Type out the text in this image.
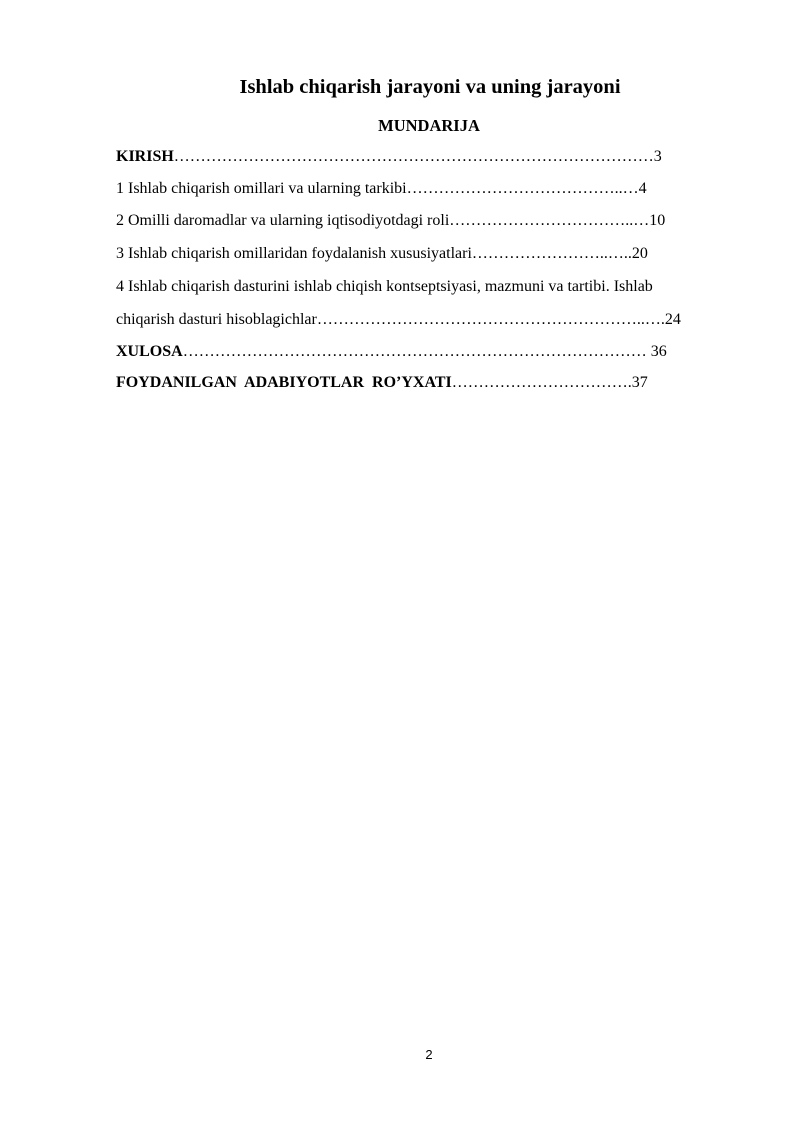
Ishlab chiqarish jarayoni va uning jarayoni
MUNDARIJA
KIRISH………………………………………………………………………………3
1 Ishlab chiqarish omillari va ularning tarkibi…………………………………..…4
2 Omilli daromadlar va ularning iqtisodiyotdagi roli……………………………..…10
3 Ishlab chiqarish omillaridan foydalanish xususiyatlari……………………..…..20
4 Ishlab chiqarish dasturini ishlab chiqish kontseptsiyasi, mazmuni va tartibi. Ishlab
chiqarish dasturi hisoblagichlar……………………………………………………..….24
XULOSA…………………………………………………………………………… 36
FOYDANILGAN ADABIYOTLAR RO’YXATI…………………………….37
2
